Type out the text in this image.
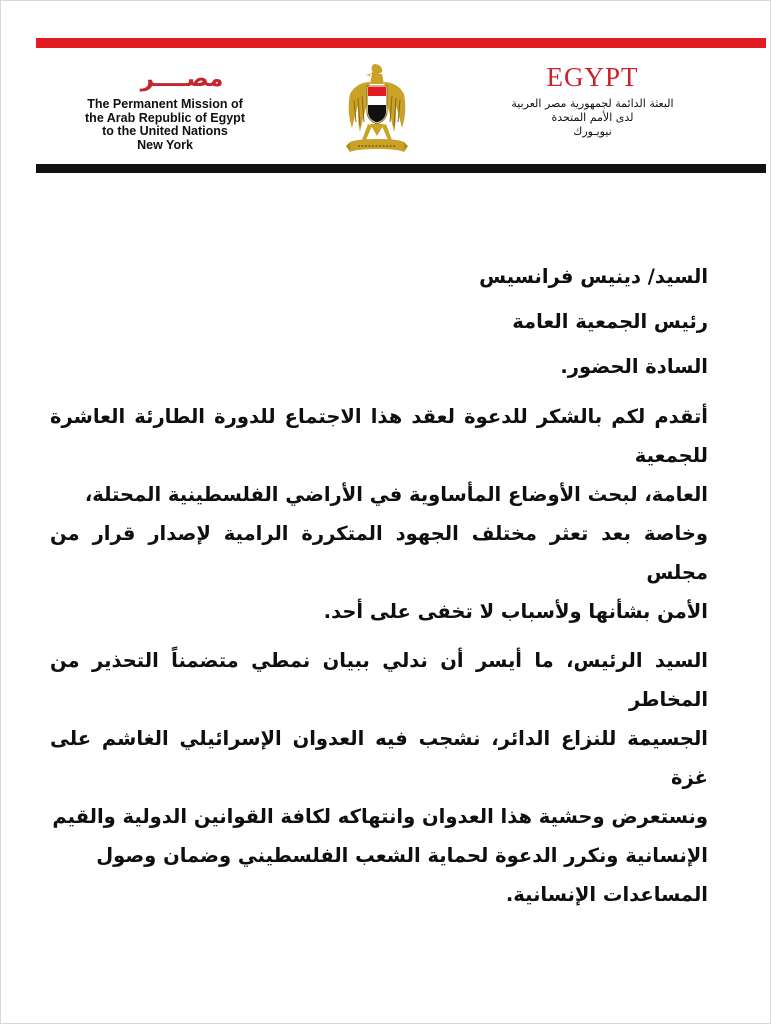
مصــــر
The Permanent Mission of
the Arab Republic of Egypt
to the United Nations
New York
EGYPT
البعثة الدائمة لجمهورية مصر العربية
لدى الأمم المتحدة
نيويـورك
السيد/ دينيس فرانسيس
رئيس الجمعية العامة
السادة الحضور.

أتقدم لكم بالشكر للدعوة لعقد هذا الاجتماع للدورة الطارئة العاشرة للجمعية

العامة، لبحث الأوضاع المأساوية في الأراضي الفلسطينية المحتلة،

وخاصة بعد تعثر مختلف الجهود المتكررة الرامية لإصدار قرار من مجلس

الأمن بشأنها ولأسباب لا تخفى على أحد.

السيد الرئيس، ما أيسر أن ندلي ببيان نمطي متضمناً التحذير من المخاطر

الجسيمة للنزاع الدائر، نشجب فيه العدوان الإسرائيلي الغاشم على غزة

ونستعرض وحشية هذا العدوان وانتهاكه لكافة القوانين الدولية والقيم

الإنسانية ونكرر الدعوة لحماية الشعب الفلسطيني وضمان وصول

المساعدات الإنسانية.
